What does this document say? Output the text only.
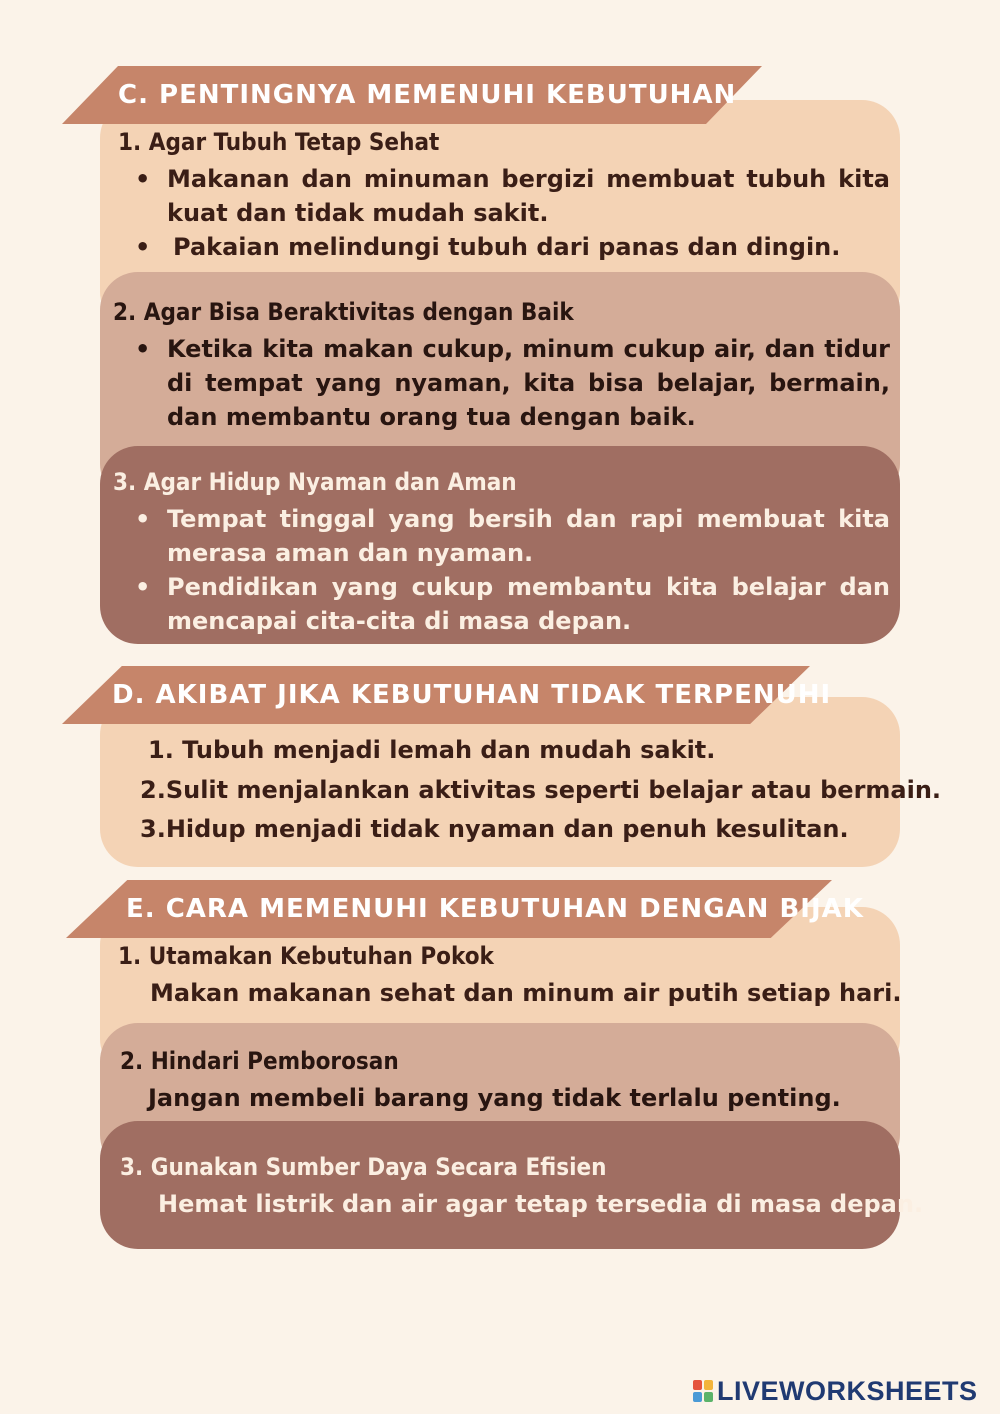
C. PENTINGNYA MEMENUHI KEBUTUHAN
1. Agar Tubuh Tetap Sehat
• Makanan dan minuman bergizi membuat tubuh kita kuat dan tidak mudah sakit.
• Pakaian melindungi tubuh dari panas dan dingin.
2. Agar Bisa Beraktivitas dengan Baik
• Ketika kita makan cukup, minum cukup air, dan tidur di tempat yang nyaman, kita bisa belajar, bermain, dan membantu orang tua dengan baik.
3. Agar Hidup Nyaman dan Aman
• Tempat tinggal yang bersih dan rapi membuat kita merasa aman dan nyaman.
• Pendidikan yang cukup membantu kita belajar dan mencapai cita-cita di masa depan.
D. AKIBAT JIKA KEBUTUHAN TIDAK TERPENUHI
1. Tubuh menjadi lemah dan mudah sakit.
2.Sulit menjalankan aktivitas seperti belajar atau bermain.
3.Hidup menjadi tidak nyaman dan penuh kesulitan.
E. CARA MEMENUHI KEBUTUHAN DENGAN BIJAK
1. Utamakan Kebutuhan Pokok
Makan makanan sehat dan minum air putih setiap hari.
2. Hindari Pemborosan
Jangan membeli barang yang tidak terlalu penting.
3. Gunakan Sumber Daya Secara Efisien
Hemat listrik dan air agar tetap tersedia di masa depan.
LIVEWORKSHEETS
